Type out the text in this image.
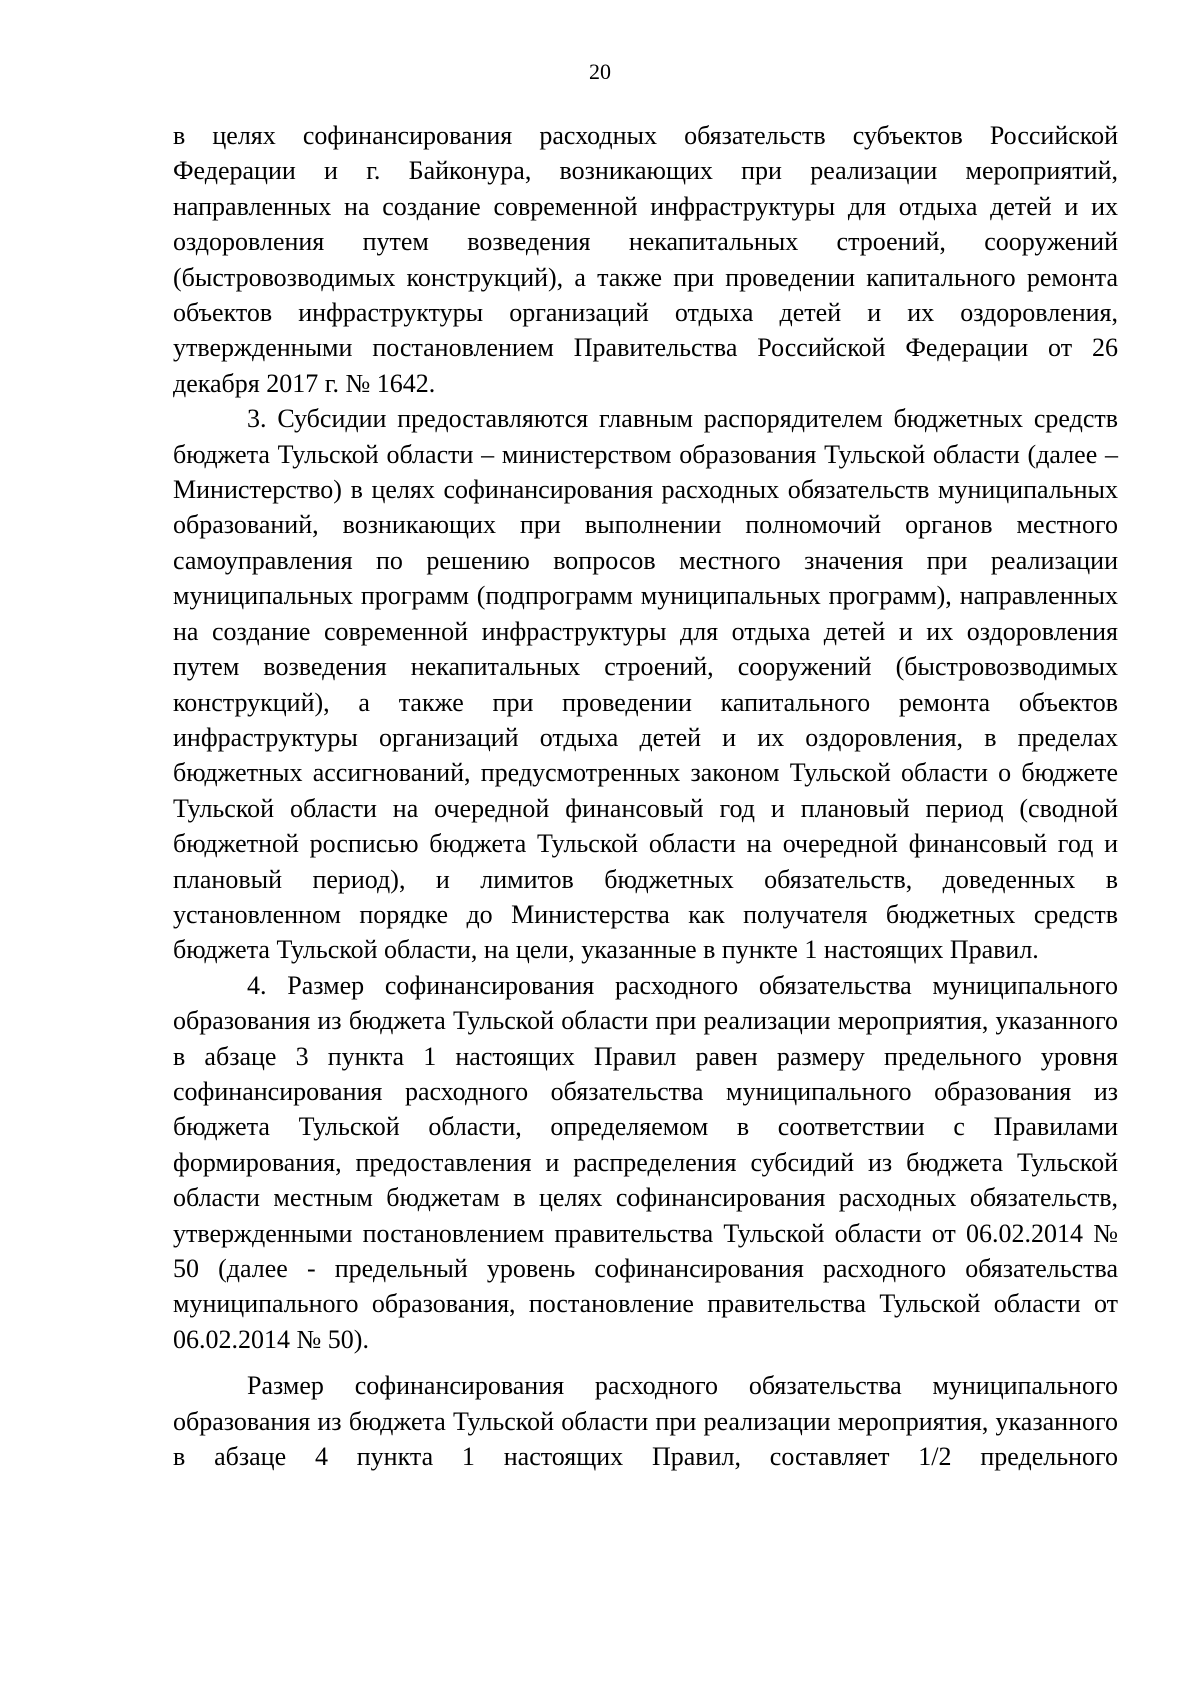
20

в целях софинансирования расходных обязательств субъектов Российской Федерации и г. Байконура, возникающих при реализации мероприятий, направленных на создание современной инфраструктуры для отдыха детей и их оздоровления путем возведения некапитальных строений, сооружений (быстровозводимых конструкций), а также при проведении капитального ремонта объектов инфраструктуры организаций отдыха детей и их оздоровления, утвержденными постановлением Правительства Российской Федерации от 26 декабря 2017 г. № 1642.

3. Субсидии предоставляются главным распорядителем бюджетных средств бюджета Тульской области – министерством образования Тульской области (далее – Министерство) в целях софинансирования расходных обязательств муниципальных образований, возникающих при выполнении полномочий органов местного самоуправления по решению вопросов местного значения при реализации муниципальных программ (подпрограмм муниципальных программ), направленных на создание современной инфраструктуры для отдыха детей и их оздоровления путем возведения некапитальных строений, сооружений (быстровозводимых конструкций), а также при проведении капитального ремонта объектов инфраструктуры организаций отдыха детей и их оздоровления, в пределах бюджетных ассигнований, предусмотренных законом Тульской области о бюджете Тульской области на очередной финансовый год и плановый период (сводной бюджетной росписью бюджета Тульской области на очередной финансовый год и плановый период), и лимитов бюджетных обязательств, доведенных в установленном порядке до Министерства как получателя бюджетных средств бюджета Тульской области, на цели, указанные в пункте 1 настоящих Правил.

4. Размер софинансирования расходного обязательства муниципального образования из бюджета Тульской области при реализации мероприятия, указанного в абзаце 3 пункта 1 настоящих Правил равен размеру предельного уровня софинансирования расходного обязательства муниципального образования из бюджета Тульской области, определяемом в соответствии с Правилами формирования, предоставления и распределения субсидий из бюджета Тульской области местным бюджетам в целях софинансирования расходных обязательств, утвержденными постановлением правительства Тульской области от 06.02.2014 № 50 (далее - предельный уровень софинансирования расходного обязательства муниципального образования, постановление правительства Тульской области от 06.02.2014 № 50).

Размер софинансирования расходного обязательства муниципального образования из бюджета Тульской области при реализации мероприятия, указанного в абзаце 4 пункта 1 настоящих Правил, составляет 1/2 предельного
